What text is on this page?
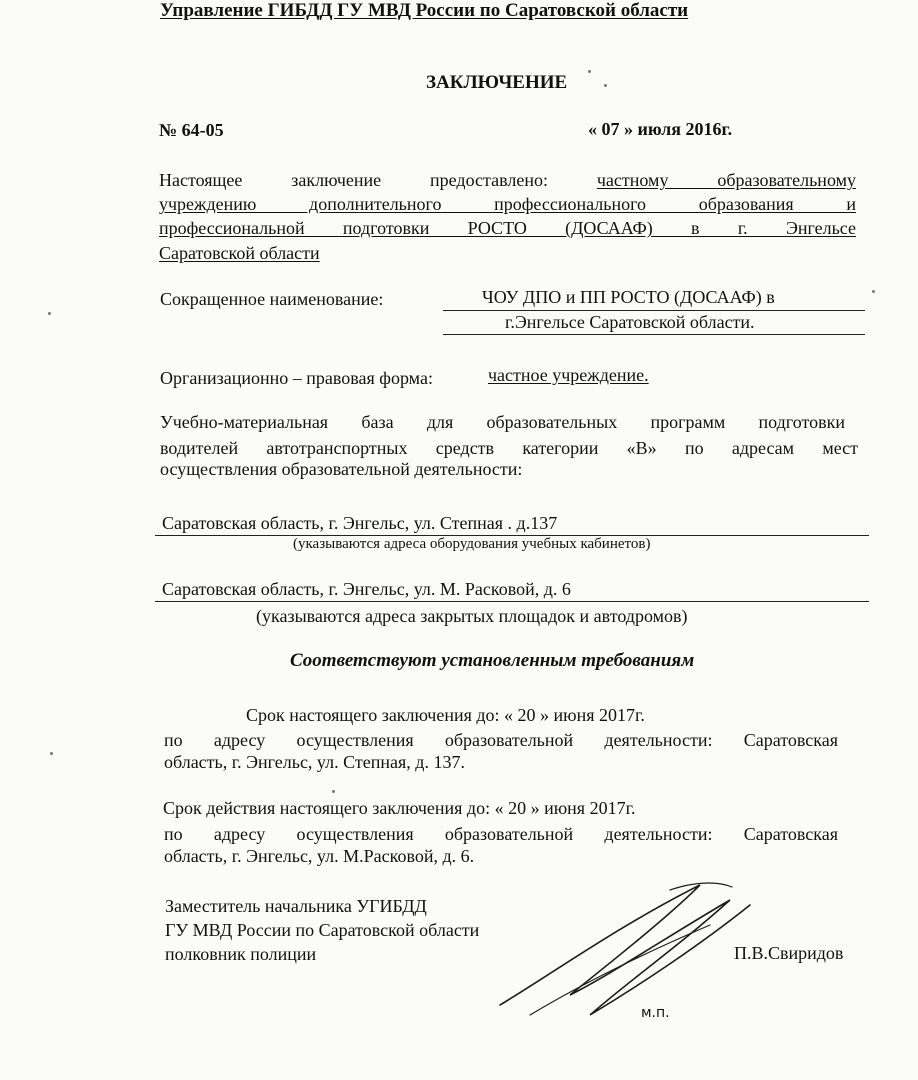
Управление ГИБДД ГУ МВД России по Саратовской области
ЗАКЛЮЧЕНИЕ
№ 64-05	« 07 » июля 2016г.
Настоящее заключение предоставлено:	частному образовательному
учреждению дополнительного профессионального образования и
профессиональной подготовки РОСТО (ДОСААФ) в г. Энгельсе
Саратовской области
Сокращенное наименование:	ЧОУ ДПО и ПП РОСТО (ДОСААФ) в
г.Энгельсе Саратовской области.
Организационно – правовая форма:	частное учреждение.
Учебно-материальная база для образовательных программ подготовки
водителей автотранспортных средств категории «В» по адресам мест
осуществления образовательной деятельности:
Саратовская область, г. Энгельс, ул. Степная . д.137
(указываются адреса оборудования учебных кабинетов)
Саратовская область, г. Энгельс, ул. М. Расковой, д. 6
(указываются адреса закрытых площадок и автодромов)
Соответствуют установленным требованиям
Срок настоящего заключения до: « 20 » июня 2017г.
по адресу осуществления образовательной деятельности: Саратовская
область, г. Энгельс, ул. Степная, д. 137.
Срок действия настоящего заключения до: « 20 » июня 2017г.
по адресу осуществления образовательной деятельности: Саратовская
область, г. Энгельс, ул. М.Расковой, д. 6.
Заместитель начальника УГИБДД
ГУ МВД России по Саратовской области
полковник полиции	П.В.Свиридов
м.п.
